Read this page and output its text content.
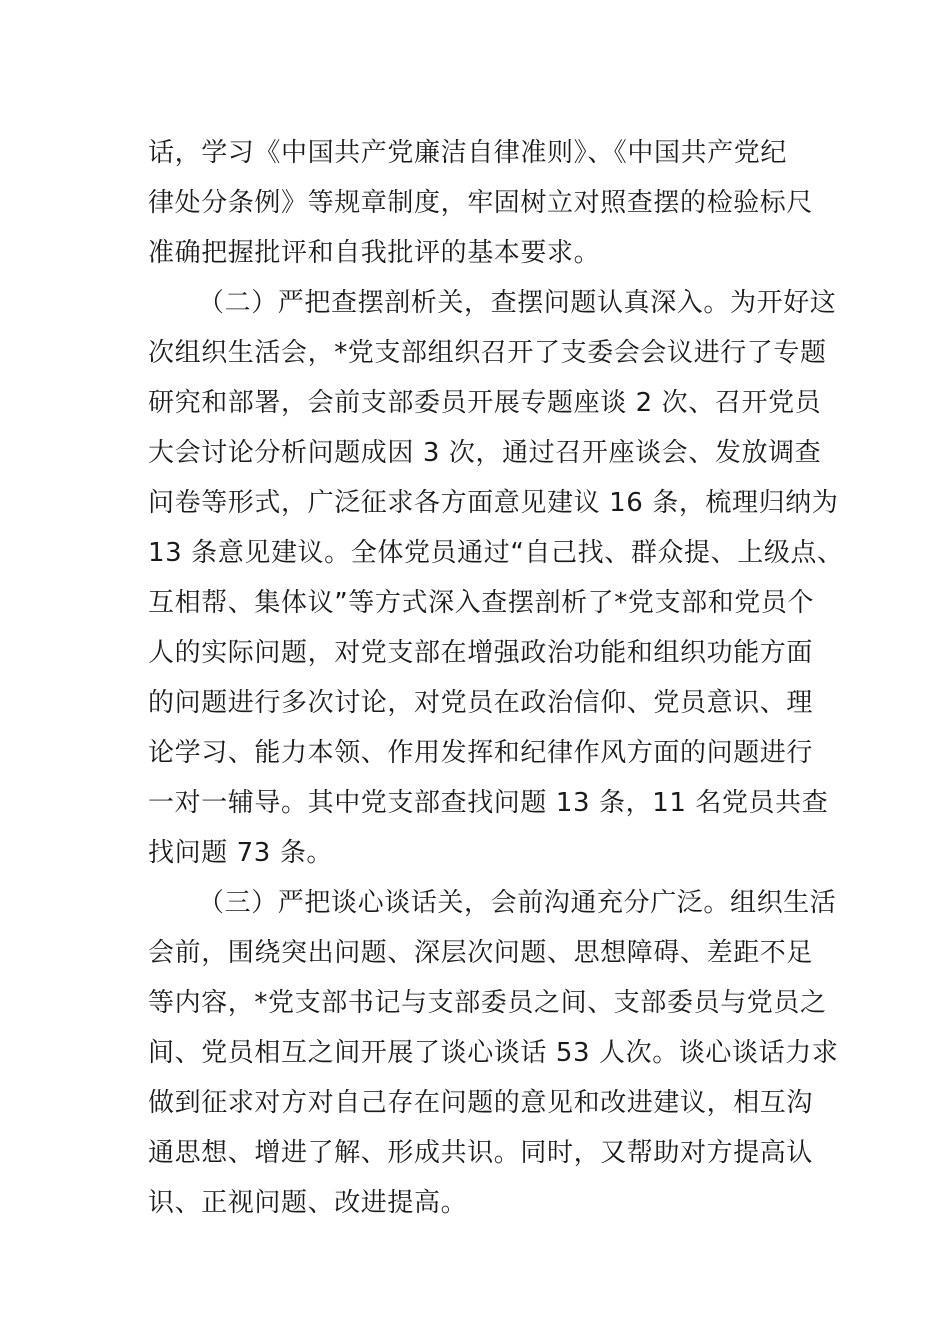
话，学习《中国共产党廉洁自律准则》、《中国共产党纪
律处分条例》等规章制度，牢固树立对照查摆的检验标尺
准确把握批评和自我批评的基本要求。
（二）严把查摆剖析关，查摆问题认真深入。为开好这
次组织生活会，*党支部组织召开了支委会会议进行了专题
研究和部署，会前支部委员开展专题座谈 2 次、召开党员
大会讨论分析问题成因 3 次，通过召开座谈会、发放调查
问卷等形式，广泛征求各方面意见建议 16 条，梳理归纳为
13 条意见建议。全体党员通过“自己找、群众提、上级点、
互相帮、集体议”等方式深入查摆剖析了*党支部和党员个
人的实际问题，对党支部在增强政治功能和组织功能方面
的问题进行多次讨论，对党员在政治信仰、党员意识、理
论学习、能力本领、作用发挥和纪律作风方面的问题进行
一对一辅导。其中党支部查找问题 13 条，11 名党员共查
找问题 73 条。
（三）严把谈心谈话关，会前沟通充分广泛。组织生活
会前，围绕突出问题、深层次问题、思想障碍、差距不足
等内容，*党支部书记与支部委员之间、支部委员与党员之
间、党员相互之间开展了谈心谈话 53 人次。谈心谈话力求
做到征求对方对自己存在问题的意见和改进建议，相互沟
通思想、增进了解、形成共识。同时，又帮助对方提高认
识、正视问题、改进提高。
